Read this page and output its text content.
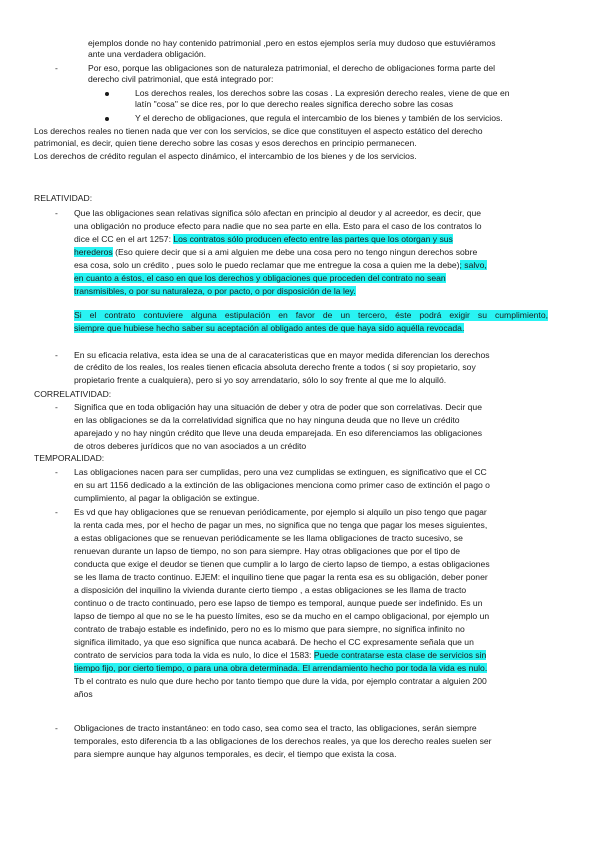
ejemplos donde no hay contenido patrimonial ,pero en estos ejemplos sería muy dudoso que estuviéramos
ante una verdadera obligación.
-	Por eso, porque las obligaciones son de naturaleza patrimonial, el derecho de obligaciones forma parte del
derecho civil patrimonial, que está integrado por:
Los derechos reales, los derechos sobre las cosas . La expresión derecho reales, viene de que en
latín "cosa" se dice res, por lo que derecho reales significa derecho sobre las cosas
Y el derecho de obligaciones, que regula el intercambio de los bienes y también de los servicios.
Los derechos reales no tienen nada que ver con los servicios, se dice que constituyen el aspecto estático del derecho
patrimonial, es decir, quien tiene derecho sobre las cosas y esos derechos en principio permanecen.
Los derechos de crédito regulan el aspecto dinámico, el intercambio de los bienes y de los servicios.
RELATIVIDAD:
- Que las obligaciones sean relativas significa sólo afectan en principio al deudor y al acreedor, es decir, que
una obligación no produce efecto para nadie que no sea parte en ella. Esto para el caso de los contratos lo
dice el CC en el art 1257: Los contratos sólo producen efecto entre las partes que los otorgan y sus
herederos (Eso quiere decir que si a ami alguien me debe una cosa pero no tengo ningun derechos sobre
esa cosa, solo un crédito , pues solo le puedo reclamar que me entregue la cosa a quien me la debe); salvo,
en cuanto a éstos, el caso en que los derechos y obligaciones que proceden del contrato no sean
transmisibles, o por su naturaleza, o por pacto, o por disposición de la ley.
Si el contrato contuviere alguna estipulación en favor de un tercero, éste podrá exigir su cumplimiento,
siempre que hubiese hecho saber su aceptación al obligado antes de que haya sido aquélla revocada.
- En su eficacia relativa, esta idea se una de al caracateristicas que en mayor medida diferencian los derechos
de crédito de los reales, los reales tienen eficacia absoluta derecho frente a todos ( si soy propietario, soy
propietario frente a cualquiera), pero si yo soy arrendatario, sólo lo soy frente al que me lo alquiló.
CORRELATIVIDAD:
- Significa que en toda obligación hay una situación de deber y otra de poder que son correlativas. Decir que
en las obligaciones se da la correlatividad significa que no hay ninguna deuda que no lleve un crédito
aparejado y no hay ningún crédito que lleve una deuda emparejada. En eso diferenciamos las obligaciones
de otros deberes jurídicos que no van asociados a un crédito
TEMPORALIDAD:
- Las obligaciones nacen para ser cumplidas, pero una vez cumplidas se extinguen, es significativo que el CC
en su art 1156 dedicado a la extinción de las obligaciones menciona como primer caso de extinción el pago o
cumplimiento, al pagar la obligación se extingue.
- Es vd que hay obligaciones que se renuevan periódicamente, por ejemplo si alquilo un piso tengo que pagar
la renta cada mes, por el hecho de pagar un mes, no significa que no tenga que pagar los meses siguientes,
a estas obligaciones que se renuevan periódicamente se les llama obligaciones de tracto sucesivo, se
renuevan durante un lapso de tiempo, no son para siempre. Hay otras obligaciones que por el tipo de
conducta que exige el deudor se tienen que cumplir a lo largo de cierto lapso de tiempo, a estas obligaciones
se les llama de tracto continuo. EJEM: el inquilino tiene que pagar la renta esa es su obligación, deber poner
a disposición del inquilino la vivienda durante cierto tiempo , a estas obligaciones se les llama de tracto
continuo o de tracto continuado, pero ese lapso de tiempo es temporal, aunque puede ser indefinido. Es un
lapso de tiempo al que no se le ha puesto límites, eso se da mucho en el campo obligacional, por ejemplo un
contrato de trabajo estable es indefinido, pero no es lo mismo que para siempre, no significa infinito no
significa ilimitado, ya que eso significa que nunca acabará. De hecho el CC expresamente señala que un
contrato de servicios para toda la vida es nulo, lo dice el 1583: Puede contratarse esta clase de servicios sin
tiempo fijo, por cierto tiempo, o para una obra determinada. El arrendamiento hecho por toda la vida es nulo.
Tb el contrato es nulo que dure hecho por tanto tiempo que dure la vida, por ejemplo contratar a alguien 200
años
- Obligaciones de tracto instantáneo: en todo caso, sea como sea el tracto, las obligaciones, serán siempre
temporales, esto diferencia tb a las obligaciones de los derechos reales, ya que los derecho reales suelen ser
para siempre aunque hay algunos temporales, es decir, el tiempo que exista la cosa.
